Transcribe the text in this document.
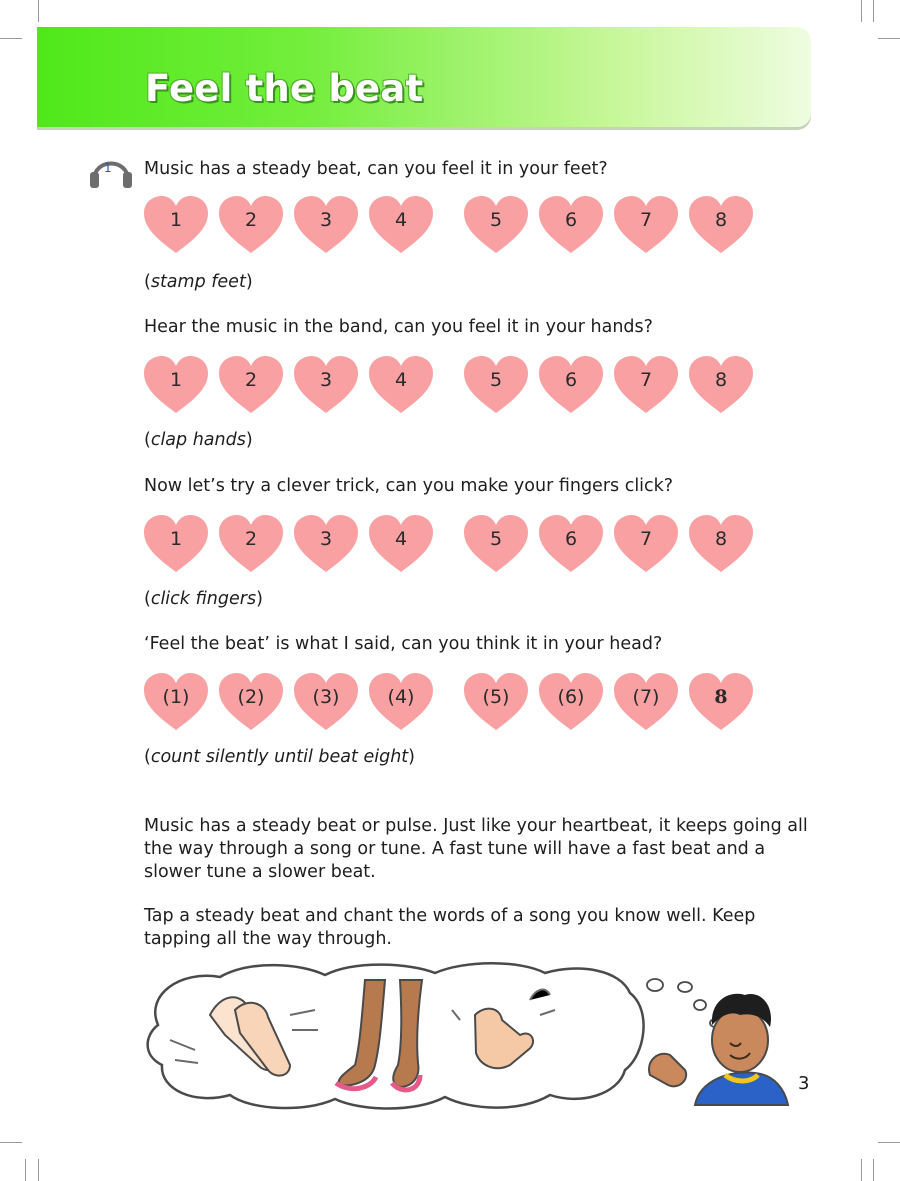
Feel the beat
1 Music has a steady beat, can you feel it in your feet?

1	2	3	4	5	6	7	8
(stamp feet)

Hear the music in the band, can you feel it in your hands?

1	2	3	4	5	6	7	8
(clap hands)

Now let’s try a clever trick, can you make your fingers click?

1	2	3	4	5	6	7	8
(click fingers)

‘Feel the beat’ is what I said, can you think it in your head?

(1)	(2)	(3)	(4)	(5)	(6)	(7)	8
(count silently until beat eight)

Music has a steady beat or pulse. Just like your heartbeat, it keeps going all the way through a song or tune. A fast tune will have a fast beat and a slower tune a slower beat.

Tap a steady beat and chant the words of a song you know well. Keep tapping all the way through.

3
